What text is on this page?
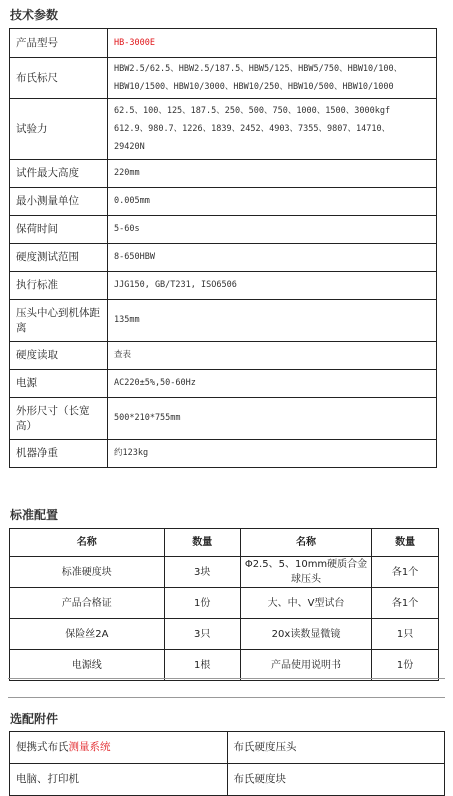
技术参数
产品型号	HB-3000E

布氏标尺	HBW2.5/62.5、HBW2.5/187.5、HBW5/125、HBW5/750、HBW10/100、
HBW10/1500、HBW10/3000、HBW10/250、HBW10/500、HBW10/1000

试验力	62.5、100、125、187.5、250、500、750、1000、1500、3000kgf
612.9、980.7、1226、1839、2452、4903、7355、9807、14710、
29420N

试件最大高度	220mm

最小测量单位	0.005mm

保荷时间	5-60s

硬度测试范围	8-650HBW

执行标准	JJG150, GB/T231, ISO6506

压头中心到机体距离	135mm

硬度读取	查表

电源	AC220±5%,50-60Hz

外形尺寸（长宽高）	500*210*755mm

机器净重	约123kg
标准配置
名称	数量	名称	数量
标准硬度块	3块	Φ2.5、5、10mm硬质合金球压头	各1个
产品合格证	1份	大、中、V型试台	各1个
保险丝2A	3只	20x读数显微镜	1只
电源线	1根	产品使用说明书	1份
选配附件
便携式布氏测量系统	布氏硬度压头
电脑、打印机	布氏硬度块
